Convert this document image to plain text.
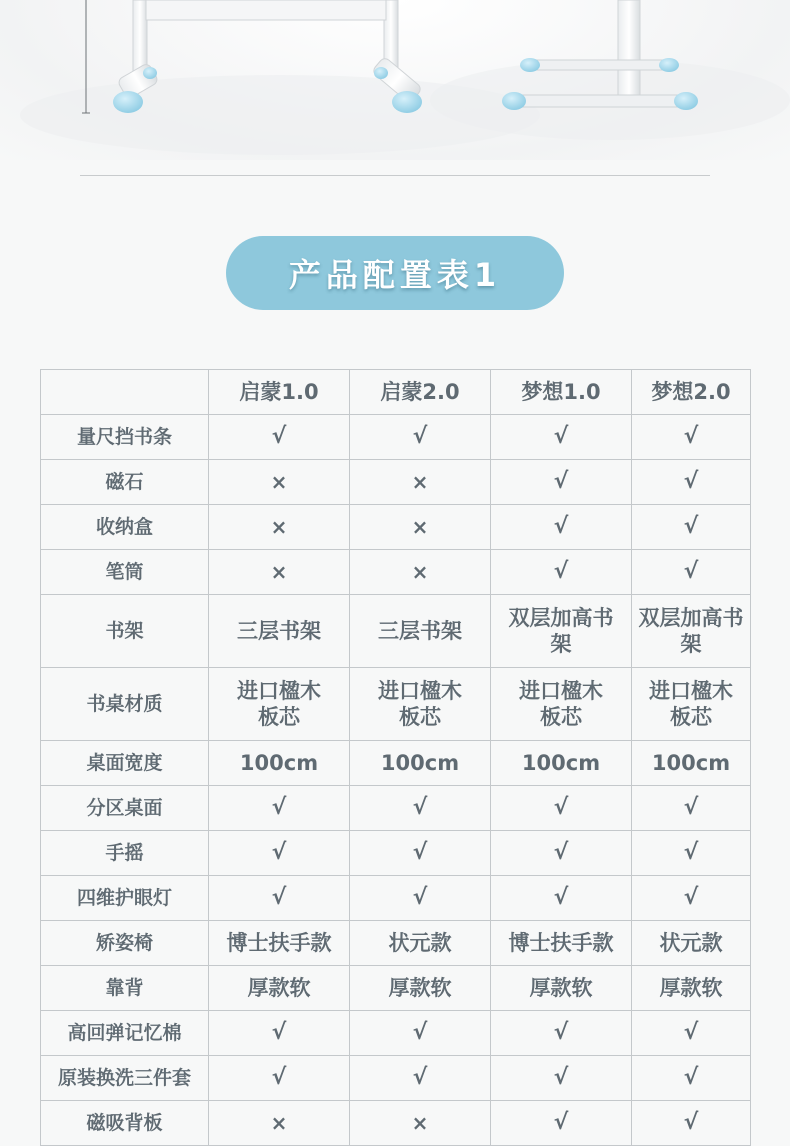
产品配置表1
	启蒙1.0	启蒙2.0	梦想1.0	梦想2.0
量尺挡书条	√	√	√	√
磁石	×	×	√	√
收纳盒	×	×	√	√
笔筒	×	×	√	√
书架	三层书架	三层书架	双层加高书架	双层加高书架
书桌材质	进口楹木板芯	进口楹木板芯	进口楹木板芯	进口楹木板芯
桌面宽度	100cm	100cm	100cm	100cm
分区桌面	√	√	√	√
手摇	√	√	√	√
四维护眼灯	√	√	√	√
矫姿椅	博士扶手款	状元款	博士扶手款	状元款
靠背	厚款软	厚款软	厚款软	厚款软
高回弹记忆棉	√	√	√	√
原装换洗三件套	√	√	√	√
磁吸背板	×	×	√	√
